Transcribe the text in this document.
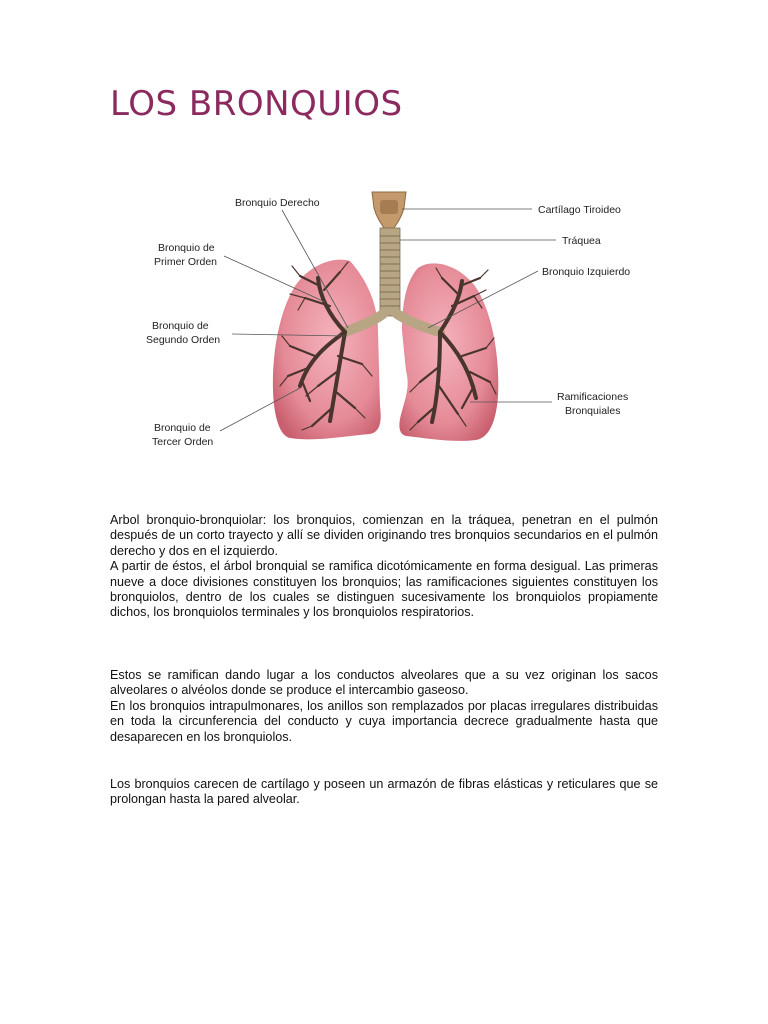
LOS BRONQUIOS
Bronquio Derecho
Bronquio de
Primer Orden
Bronquio de
Segundo Orden
Bronquio de
Tercer Orden
Cartílago Tiroideo
Tráquea
Bronquio Izquierdo
Ramificaciones
Bronquiales

Arbol bronquio-bronquiolar: los bronquios, comienzan en la tráquea, penetran en el pulmón después de un corto trayecto y allí se dividen originando tres bronquios secundarios en el pulmón derecho y dos en el izquierdo.
A partir de éstos, el árbol bronquial se ramifica dicotómicamente en forma desigual. Las primeras nueve a doce divisiones constituyen los bronquios; las ramificaciones siguientes constituyen los bronquiolos, dentro de los cuales se distinguen sucesivamente los bronquiolos propiamente dichos, los bronquiolos terminales y los bronquiolos respiratorios.

Estos se ramifican dando lugar a los conductos alveolares que a su vez originan los sacos alveolares o alvéolos donde se produce el intercambio gaseoso.
En los bronquios intrapulmonares, los anillos son remplazados por placas irregulares distribuidas en toda la circunferencia del conducto y cuya importancia decrece gradualmente hasta que desaparecen en los bronquiolos.

Los bronquios carecen de cartílago y poseen un armazón de fibras elásticas y reticulares que se prolongan hasta la pared alveolar.
